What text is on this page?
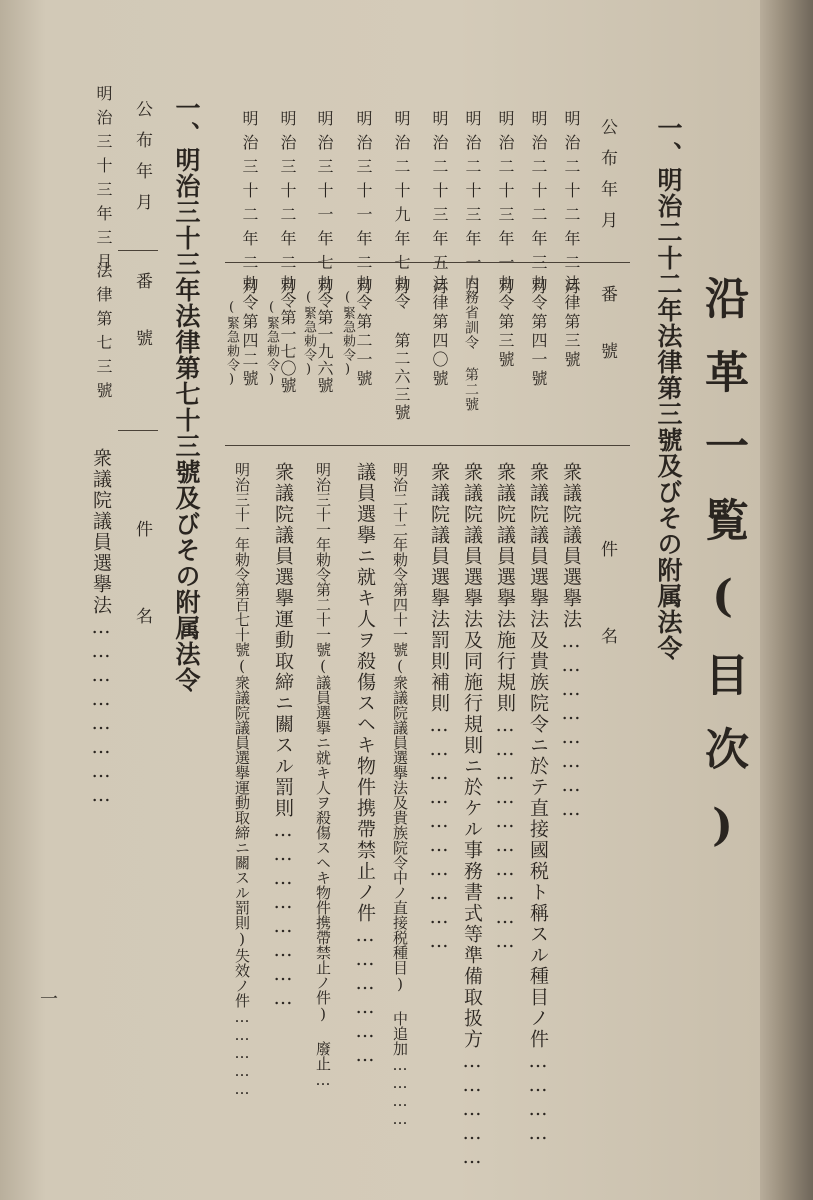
沿革一覧(目次)
一、明治二十二年法律第三號及びその附属法令
公布年月
番號
件名
明治二十二年二月
法律第三號
衆議院議員選擧法……………………
明治二十二年三月
勅令第四一號
衆議院議員選擧法及貴族院令ニ於テ直接國税ト稱スル種目ノ件…………
明治二十三年一月
勅令第三號
衆議院議員選擧法施行規則…………………………
明治二十三年一月
内務省訓令 第二號
衆議院議員選擧法及同施行規則ニ於ケル事務書式等準備取扱方……………
明治二十三年五月
法律第四〇號
衆議院議員選擧法罰則補則…………………………
明治二十九年七月
勅令 第二六三號
明治二十二年勅令第四十一號(衆議院議員選擧法及貴族院令中ノ直接税種目) 中追加…………
明治三十一年二月
勅令第二一號
(緊急勅令)
議員選擧ニ就キ人ヲ殺傷スヘキ物件携帶禁止ノ件………………
明治三十一年七月
勅令第一九六號
(緊急勅令)
明治三十一年勅令第二十一號(議員選擧ニ就キ人ヲ殺傷スヘキ物件携帶禁止ノ件) 廢止…
明治三十二年二月
勅令第一七〇號
(緊急勅令)
衆議院議員選擧運動取締ニ關スル罰則……………………
明治三十二年二月
勅令第四二號
(緊急勅令)
明治三十一年勅令第百七十號(衆議院議員選擧運動取締ニ關スル罰則)失效ノ件……………
一、明治三十三年法律第七十三號及びその附属法令
公布年月
番號
件名
明治三十三年三月
法律第七三號
衆議院議員選擧法……………………
一
